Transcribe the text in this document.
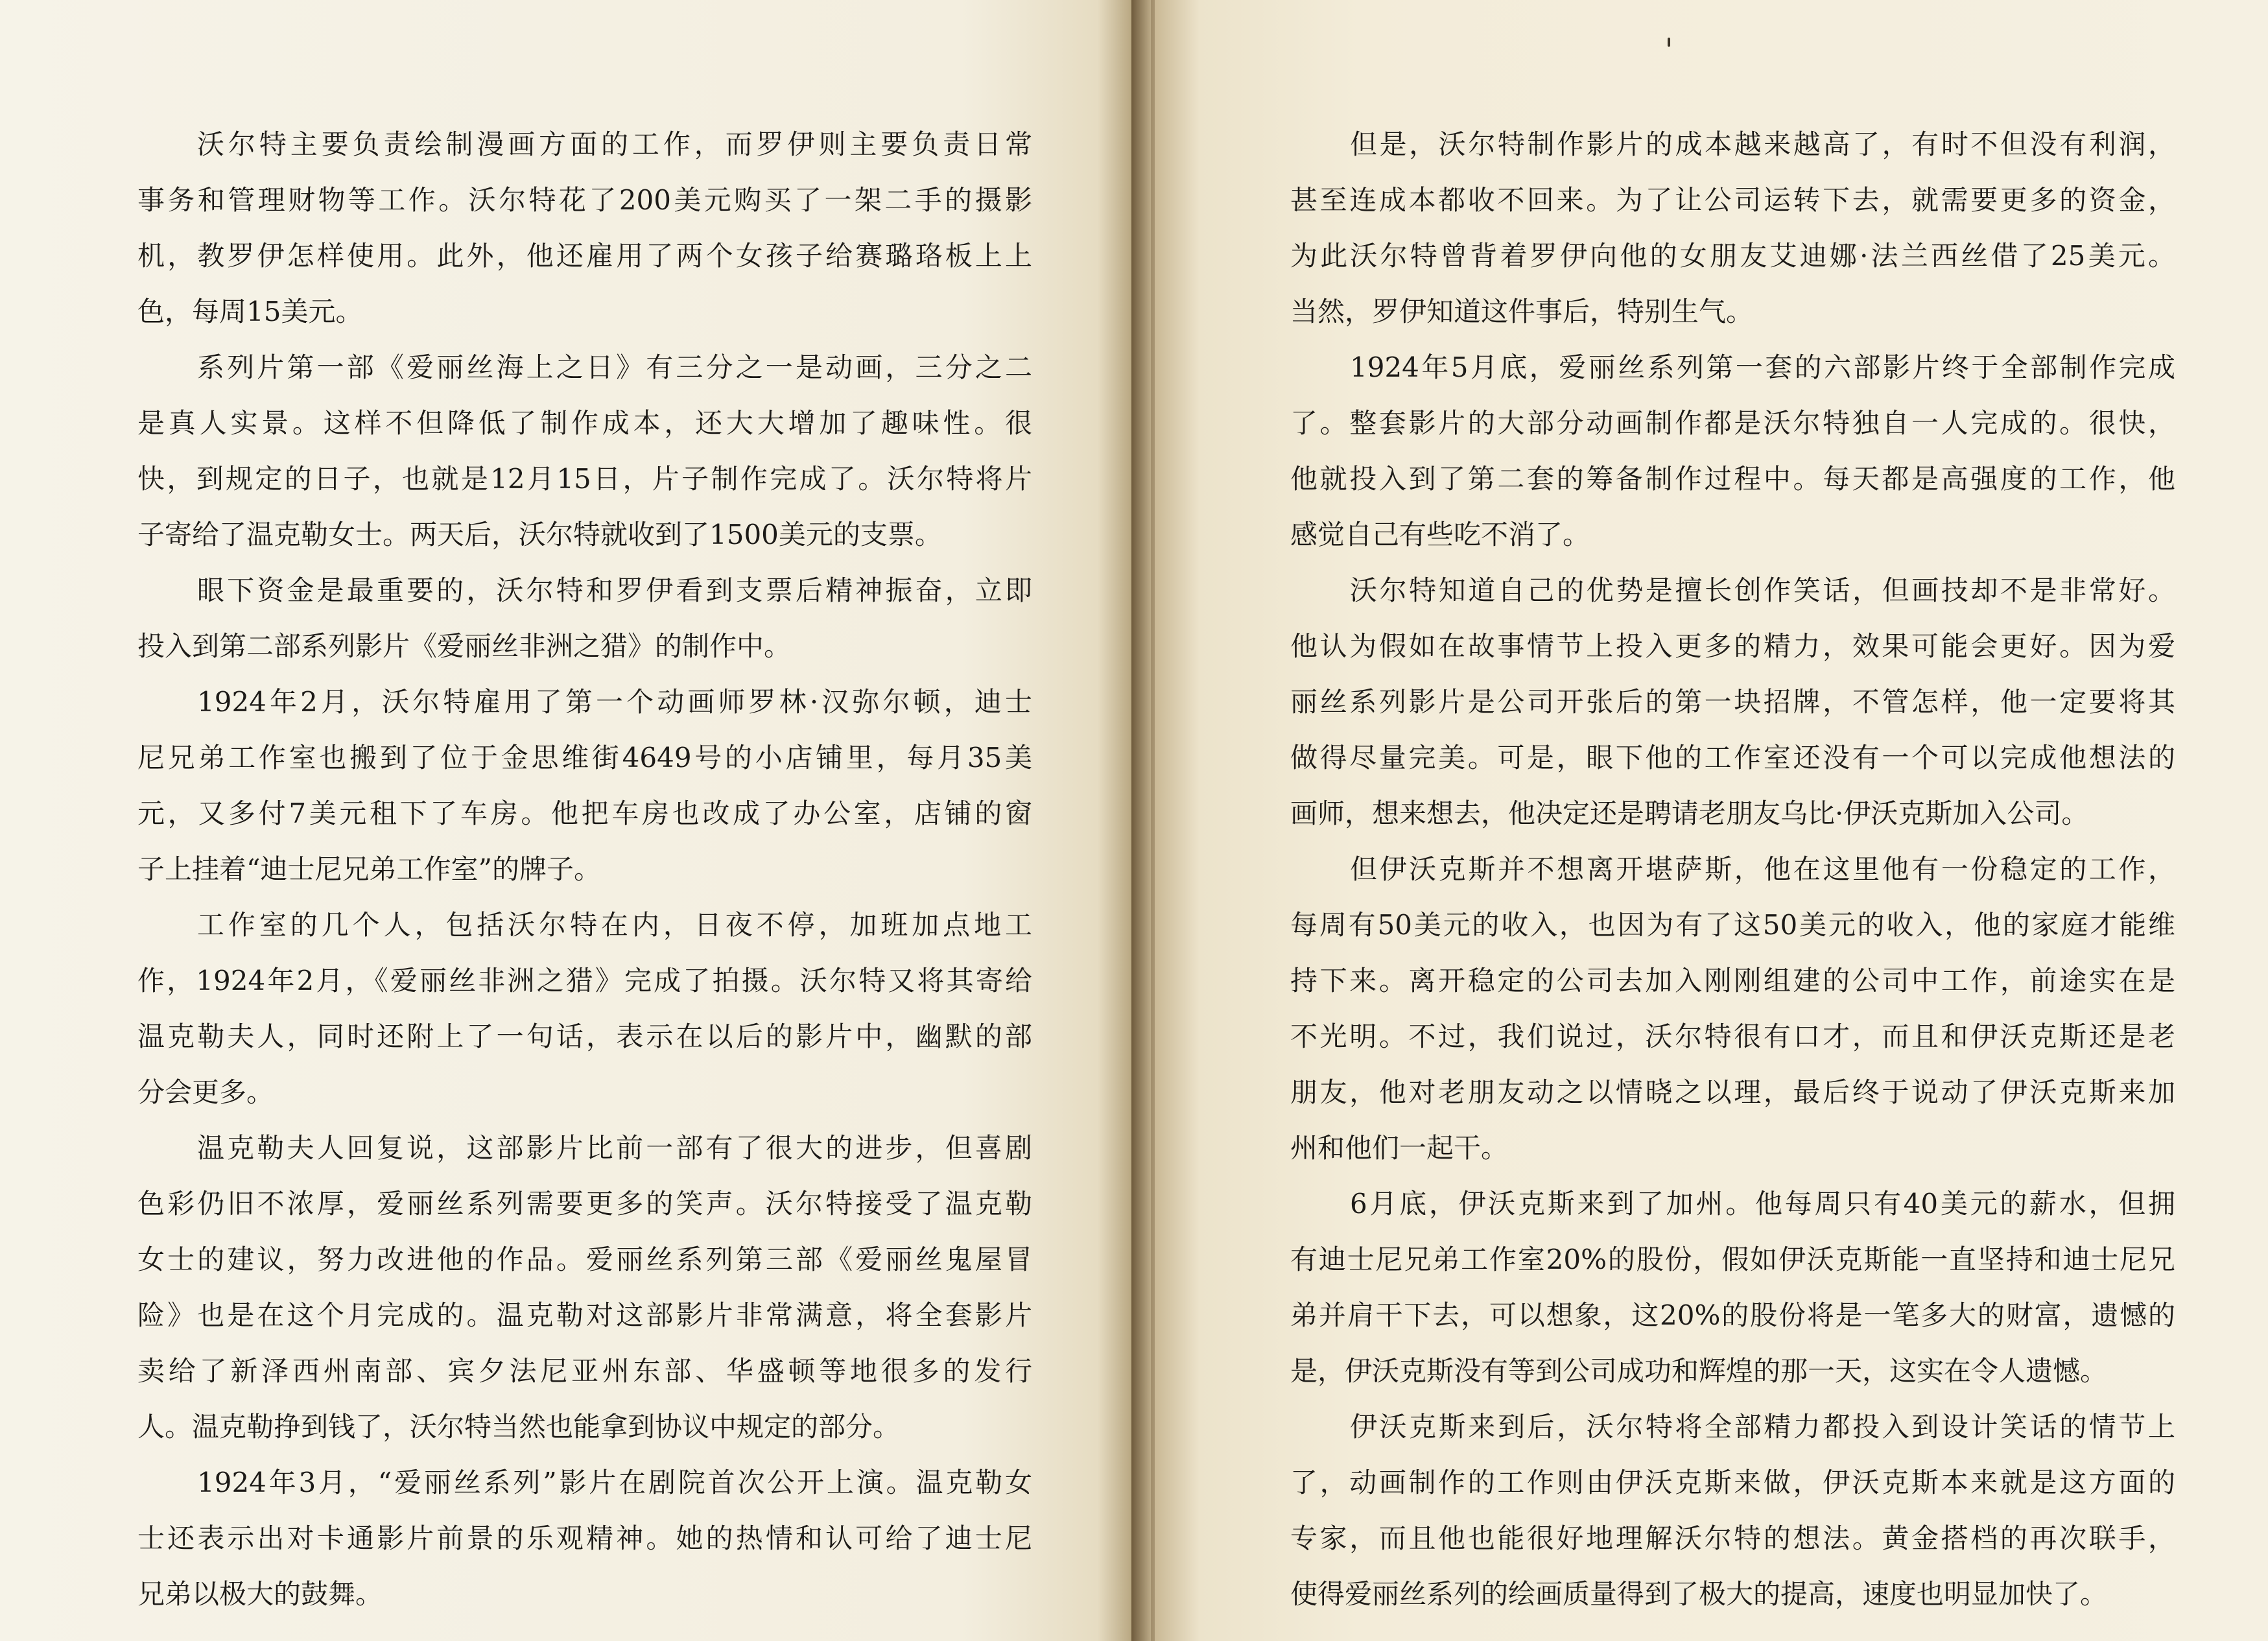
沃尔特主要负责绘制漫画方面的工作，而罗伊则主要负责日常
事务和管理财物等工作。沃尔特花了200美元购买了一架二手的摄影
机，教罗伊怎样使用。此外，他还雇用了两个女孩子给赛璐珞板上上
色，每周15美元。
系列片第一部《爱丽丝海上之日》有三分之一是动画，三分之二
是真人实景。这样不但降低了制作成本，还大大增加了趣味性。很
快，到规定的日子，也就是12月15日，片子制作完成了。沃尔特将片
子寄给了温克勒女士。两天后，沃尔特就收到了1500美元的支票。
眼下资金是最重要的，沃尔特和罗伊看到支票后精神振奋，立即
投入到第二部系列影片《爱丽丝非洲之猎》的制作中。
1924年2月，沃尔特雇用了第一个动画师罗林·汉弥尔顿，迪士
尼兄弟工作室也搬到了位于金思维街4649号的小店铺里，每月35美
元，又多付7美元租下了车房。他把车房也改成了办公室，店铺的窗
子上挂着“迪士尼兄弟工作室”的牌子。
工作室的几个人，包括沃尔特在内，日夜不停，加班加点地工
作，1924年2月，《爱丽丝非洲之猎》完成了拍摄。沃尔特又将其寄给
温克勒夫人，同时还附上了一句话，表示在以后的影片中，幽默的部
分会更多。
温克勒夫人回复说，这部影片比前一部有了很大的进步，但喜剧
色彩仍旧不浓厚，爱丽丝系列需要更多的笑声。沃尔特接受了温克勒
女士的建议，努力改进他的作品。爱丽丝系列第三部《爱丽丝鬼屋冒
险》也是在这个月完成的。温克勒对这部影片非常满意，将全套影片
卖给了新泽西州南部、宾夕法尼亚州东部、华盛顿等地很多的发行
人。温克勒挣到钱了，沃尔特当然也能拿到协议中规定的部分。
1924年3月，“爱丽丝系列”影片在剧院首次公开上演。温克勒女
士还表示出对卡通影片前景的乐观精神。她的热情和认可给了迪士尼
兄弟以极大的鼓舞。
但是，沃尔特制作影片的成本越来越高了，有时不但没有利润，
甚至连成本都收不回来。为了让公司运转下去，就需要更多的资金，
为此沃尔特曾背着罗伊向他的女朋友艾迪娜·法兰西丝借了25美元。
当然，罗伊知道这件事后，特别生气。
1924年5月底，爱丽丝系列第一套的六部影片终于全部制作完成
了。整套影片的大部分动画制作都是沃尔特独自一人完成的。很快，
他就投入到了第二套的筹备制作过程中。每天都是高强度的工作，他
感觉自己有些吃不消了。
沃尔特知道自己的优势是擅长创作笑话，但画技却不是非常好。
他认为假如在故事情节上投入更多的精力，效果可能会更好。因为爱
丽丝系列影片是公司开张后的第一块招牌，不管怎样，他一定要将其
做得尽量完美。可是，眼下他的工作室还没有一个可以完成他想法的
画师，想来想去，他决定还是聘请老朋友乌比·伊沃克斯加入公司。
但伊沃克斯并不想离开堪萨斯，他在这里他有一份稳定的工作，
每周有50美元的收入，也因为有了这50美元的收入，他的家庭才能维
持下来。离开稳定的公司去加入刚刚组建的公司中工作，前途实在是
不光明。不过，我们说过，沃尔特很有口才，而且和伊沃克斯还是老
朋友，他对老朋友动之以情晓之以理，最后终于说动了伊沃克斯来加
州和他们一起干。
6月底，伊沃克斯来到了加州。他每周只有40美元的薪水，但拥
有迪士尼兄弟工作室20%的股份，假如伊沃克斯能一直坚持和迪士尼兄
弟并肩干下去，可以想象，这20%的股份将是一笔多大的财富，遗憾的
是，伊沃克斯没有等到公司成功和辉煌的那一天，这实在令人遗憾。
伊沃克斯来到后，沃尔特将全部精力都投入到设计笑话的情节上
了，动画制作的工作则由伊沃克斯来做，伊沃克斯本来就是这方面的
专家，而且他也能很好地理解沃尔特的想法。黄金搭档的再次联手，
使得爱丽丝系列的绘画质量得到了极大的提高，速度也明显加快了。
